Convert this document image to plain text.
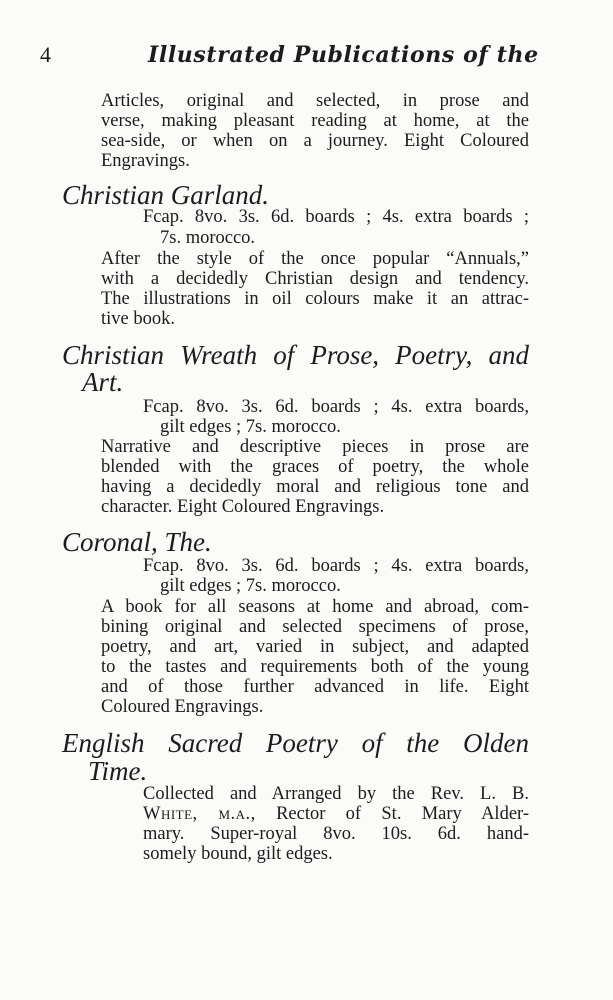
4	Illustrated Publications of the
Articles, original and selected, in prose and
verse, making pleasant reading at home, at the
sea-side, or when on a journey. Eight Coloured
Engravings.
Christian Garland.
Fcap. 8vo. 3s. 6d. boards ; 4s. extra boards ;
7s. morocco.
After the style of the once popular “Annuals,”
with a decidedly Christian design and tendency.
The illustrations in oil colours make it an attrac-
tive book.
Christian Wreath of Prose, Poetry, and
Art.
Fcap. 8vo. 3s. 6d. boards ; 4s. extra boards,
gilt edges ; 7s. morocco.
Narrative and descriptive pieces in prose are
blended with the graces of poetry, the whole
having a decidedly moral and religious tone and
character. Eight Coloured Engravings.
Coronal, The.
Fcap. 8vo. 3s. 6d. boards ; 4s. extra boards,
gilt edges ; 7s. morocco.
A book for all seasons at home and abroad, com-
bining original and selected specimens of prose,
poetry, and art, varied in subject, and adapted
to the tastes and requirements both of the young
and of those further advanced in life. Eight
Coloured Engravings.
English Sacred Poetry of the Olden
Time.
Collected and Arranged by the Rev. L. B.
White, m.a., Rector of St. Mary Alder-
mary. Super-royal 8vo. 10s. 6d. hand-
somely bound, gilt edges.
